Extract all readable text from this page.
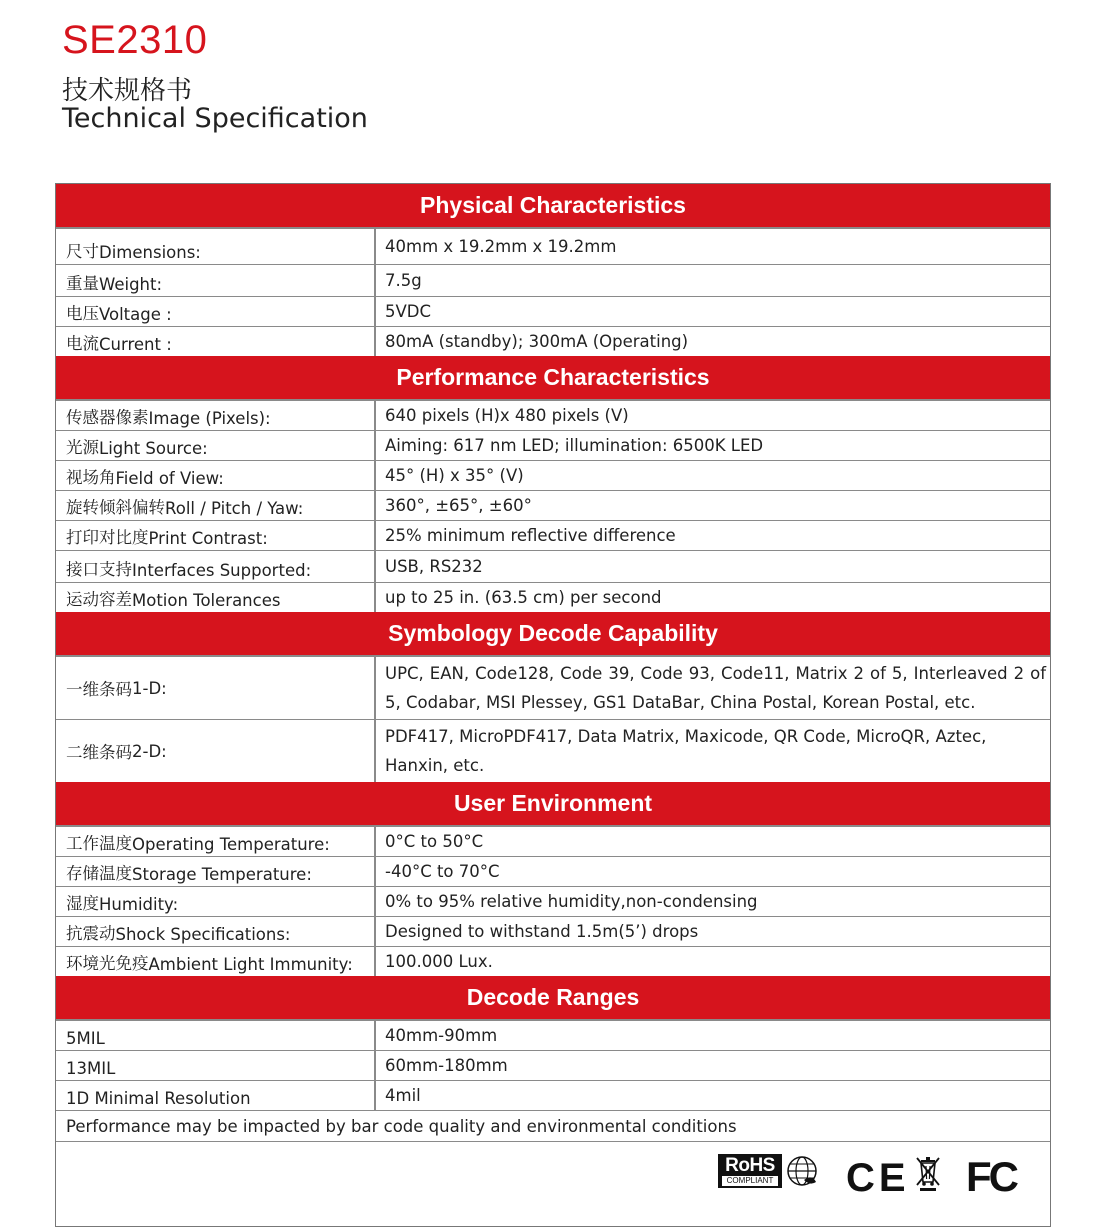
SE2310
技术规格书
Technical Specification
Physical Characteristics
尺寸 Dimensions:	40mm x 19.2mm x 19.2mm
重量 Weight:	7.5g
电压 Voltage :	5VDC
电流 Current :	80mA (standby); 300mA (Operating)
Performance Characteristics
传感器像素 Image (Pixels):	640 pixels (H)x 480 pixels (V)
光源 Light Source:	Aiming: 617 nm LED; illumination: 6500K LED
视场角 Field of View:	45° (H) x 35° (V)
旋转倾斜偏转 Roll / Pitch / Yaw:	360°, ±65°, ±60°
打印对比度 Print Contrast:	25% minimum reflective difference
接口支持 Interfaces Supported:	USB, RS232
运动容差 Motion Tolerances	up to 25 in. (63.5 cm) per second
Symbology Decode Capability
一维条码 1-D:
UPC, EAN, Code128, Code 39, Code 93, Code11, Matrix 2 of 5, Interleaved 2 of 5, Codabar, MSI Plessey, GS1 DataBar, China Postal, Korean Postal, etc.
二维条码 2-D:
PDF417, MicroPDF417, Data Matrix, Maxicode, QR Code, MicroQR, Aztec, Hanxin, etc.
User Environment
工作温度 Operating Temperature:	0°C to 50°C
存储温度 Storage Temperature:	-40°C to 70°C
湿度 Humidity:	0% to 95% relative humidity,non-condensing
抗震动 Shock Specifications:	Designed to withstand 1.5m(5’) drops
环境光免疫 Ambient Light Immunity:	100.000 Lux.
Decode Ranges
5MIL	40mm-90mm
13MIL	60mm-180mm
1D Minimal Resolution	4mil
Performance may be impacted by bar code quality and environmental conditions
RoHS
COMPLIANT CE FC
